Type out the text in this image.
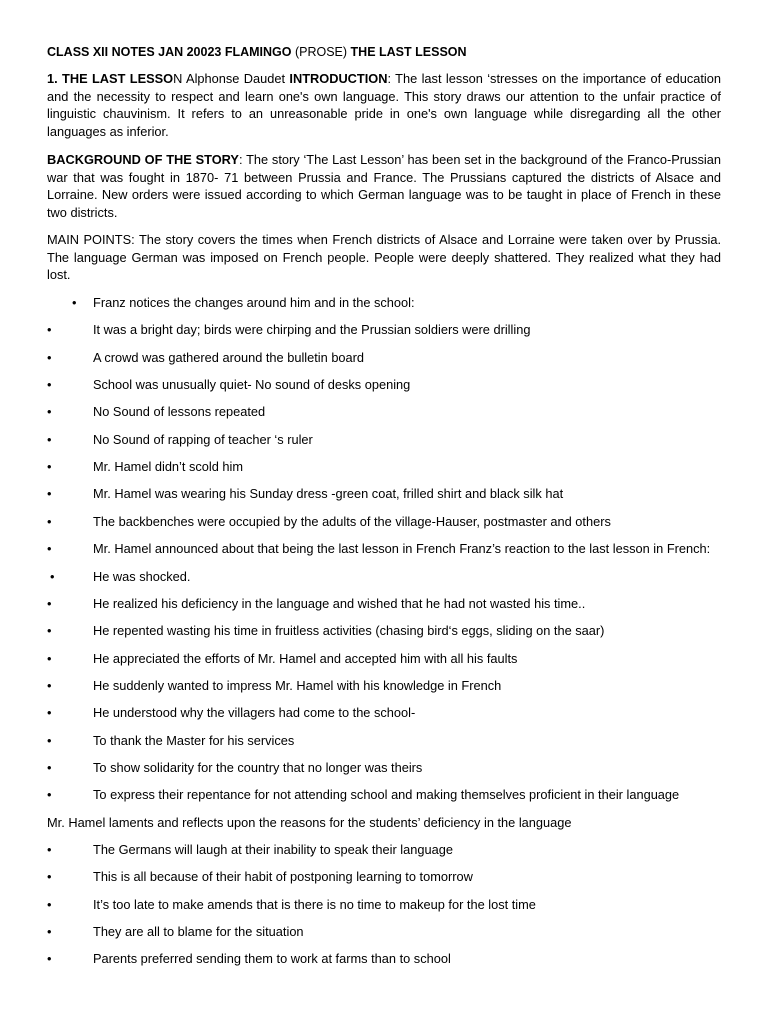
CLASS XII NOTES JAN 20023 FLAMINGO (PROSE) THE LAST LESSON
1. THE LAST LESSON Alphonse Daudet INTRODUCTION: The last lesson ‘stresses on the importance of education and the necessity to respect and learn one's own language. This story draws our attention to the unfair practice of linguistic chauvinism. It refers to an unreasonable pride in one's own language while disregarding all the other languages as inferior.
BACKGROUND OF THE STORY: The story ‘The Last Lesson’ has been set in the background of the Franco-Prussian war that was fought in 1870- 71 between Prussia and France. The Prussians captured the districts of Alsace and Lorraine. New orders were issued according to which German language was to be taught in place of French in these two districts.
MAIN POINTS: The story covers the times when French districts of Alsace and Lorraine were taken over by Prussia. The language German was imposed on French people. People were deeply shattered. They realized what they had lost.
•	Franz notices the changes around him and in the school:
•	It was a bright day; birds were chirping and the Prussian soldiers were drilling
•	A crowd was gathered around the bulletin board
•	School was unusually quiet- No sound of desks opening
•	No Sound of lessons repeated
•	No Sound of rapping of teacher ‘s ruler
•	Mr. Hamel didn’t scold him
•	Mr. Hamel was wearing his Sunday dress -green coat, frilled shirt and black silk hat
•	The backbenches were occupied by the adults of the village-Hauser, postmaster and others
•	Mr. Hamel announced about that being the last lesson in French Franz’s reaction to the last lesson in French:
•	He was shocked.
•	He realized his deficiency in the language and wished that he had not wasted his time..
•	He repented wasting his time in fruitless activities (chasing bird‘s eggs, sliding on the saar)
•	He appreciated the efforts of Mr. Hamel and accepted him with all his faults
•	He suddenly wanted to impress Mr. Hamel with his knowledge in French
•	He understood why the villagers had come to the school-
•	To thank the Master for his services
•	To show solidarity for the country that no longer was theirs
•	To express their repentance for not attending school and making themselves proficient in their language
Mr. Hamel laments and reflects upon the reasons for the students’ deficiency in the language
•	The Germans will laugh at their inability to speak their language
•	This is all because of their habit of postponing learning to tomorrow
•	It’s too late to make amends that is there is no time to makeup for the lost time
•	They are all to blame for the situation
•	Parents preferred sending them to work at farms than to school
